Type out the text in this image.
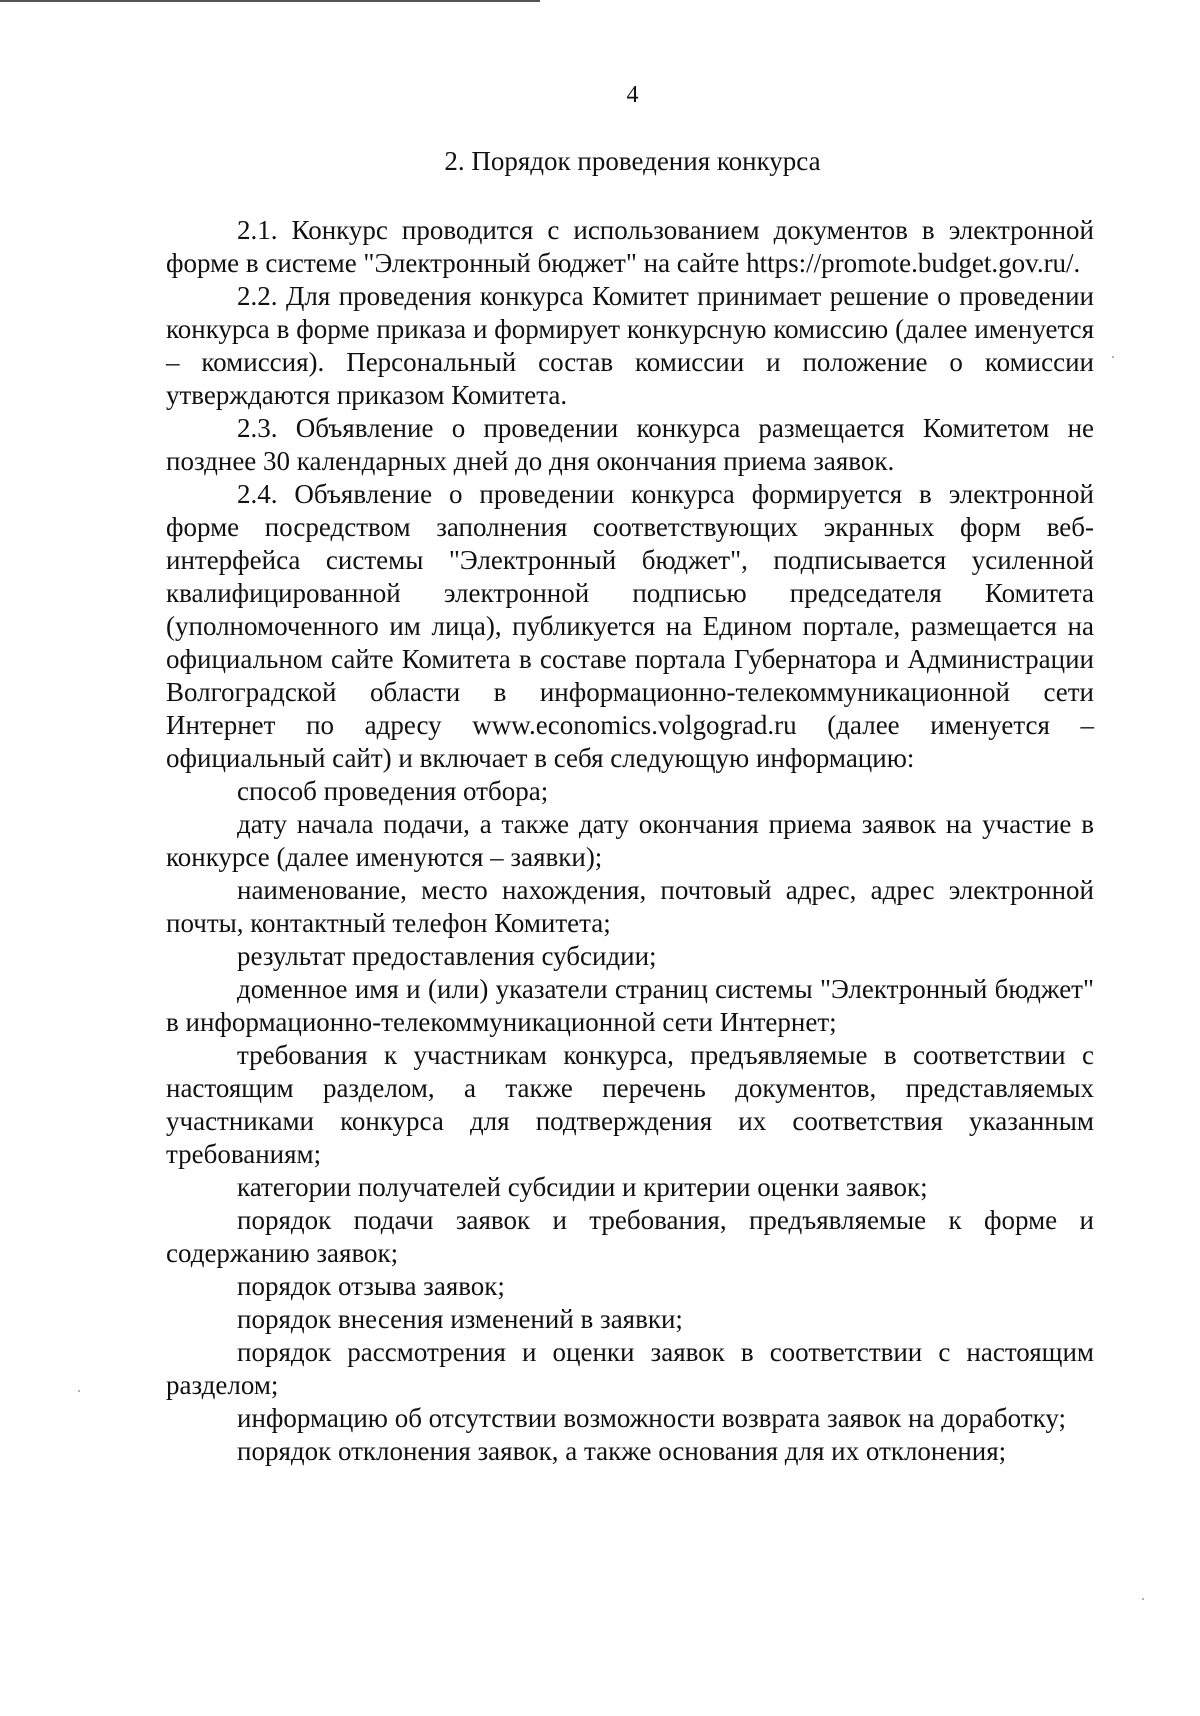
4
2. Порядок проведения конкурса

2.1. Конкурс проводится с использованием документов в электронной форме в системе "Электронный бюджет" на сайте https://promote.budget.gov.ru/.

2.2. Для проведения конкурса Комитет принимает решение о проведении конкурса в форме приказа и формирует конкурсную комиссию (далее именуется – комиссия). Персональный состав комиссии и положение о комиссии утверждаются приказом Комитета.

2.3. Объявление о проведении конкурса размещается Комитетом не позднее 30 календарных дней до дня окончания приема заявок.

2.4. Объявление о проведении конкурса формируется в электронной форме посредством заполнения соответствующих экранных форм веб-интерфейса системы "Электронный бюджет", подписывается усиленной квалифицированной электронной подписью председателя Комитета (уполномоченного им лица), публикуется на Едином портале, размещается на официальном сайте Комитета в составе портала Губернатора и Администрации Волгоградской области в информационно-телекоммуникационной сети Интернет по адресу www.economics.volgograd.ru (далее именуется – официальный сайт) и включает в себя следующую информацию:

способ проведения отбора;

дату начала подачи, а также дату окончания приема заявок на участие в конкурсе (далее именуются – заявки);

наименование, место нахождения, почтовый адрес, адрес электронной почты, контактный телефон Комитета;

результат предоставления субсидии;

доменное имя и (или) указатели страниц системы "Электронный бюджет" в информационно-телекоммуникационной сети Интернет;

требования к участникам конкурса, предъявляемые в соответствии с настоящим разделом, а также перечень документов, представляемых участниками конкурса для подтверждения их соответствия указанным требованиям;

категории получателей субсидии и критерии оценки заявок;

порядок подачи заявок и требования, предъявляемые к форме и содержанию заявок;

порядок отзыва заявок;

порядок внесения изменений в заявки;

порядок рассмотрения и оценки заявок в соответствии с настоящим разделом;

информацию об отсутствии возможности возврата заявок на доработку;

порядок отклонения заявок, а также основания для их отклонения;
